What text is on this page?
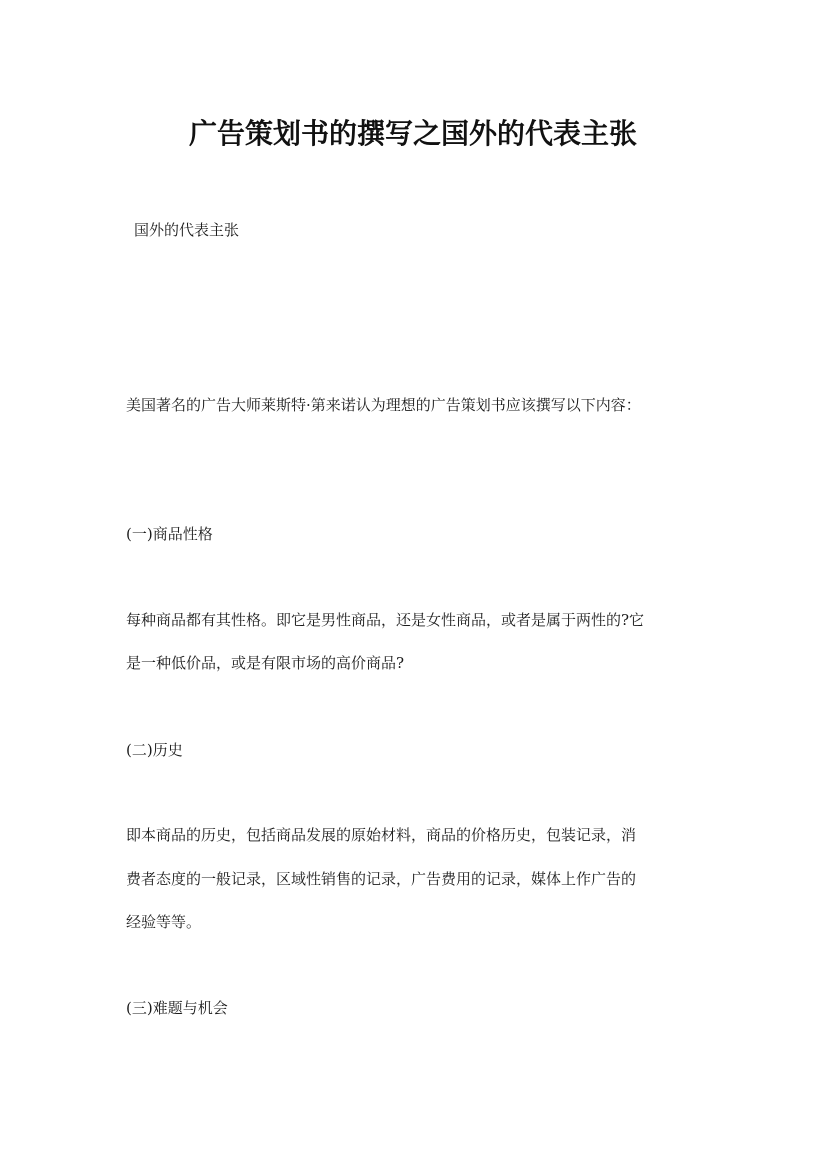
广告策划书的撰写之国外的代表主张
国外的代表主张
美国著名的广告大师莱斯特·第来诺认为理想的广告策划书应该撰写以下内容：
(一)商品性格
每种商品都有其性格。即它是男性商品，还是女性商品，或者是属于两性的?它
是一种低价品，或是有限市场的高价商品?
(二)历史
即本商品的历史，包括商品发展的原始材料，商品的价格历史，包装记录，消
费者态度的一般记录，区域性销售的记录，广告费用的记录，媒体上作广告的
经验等等。
(三)难题与机会
